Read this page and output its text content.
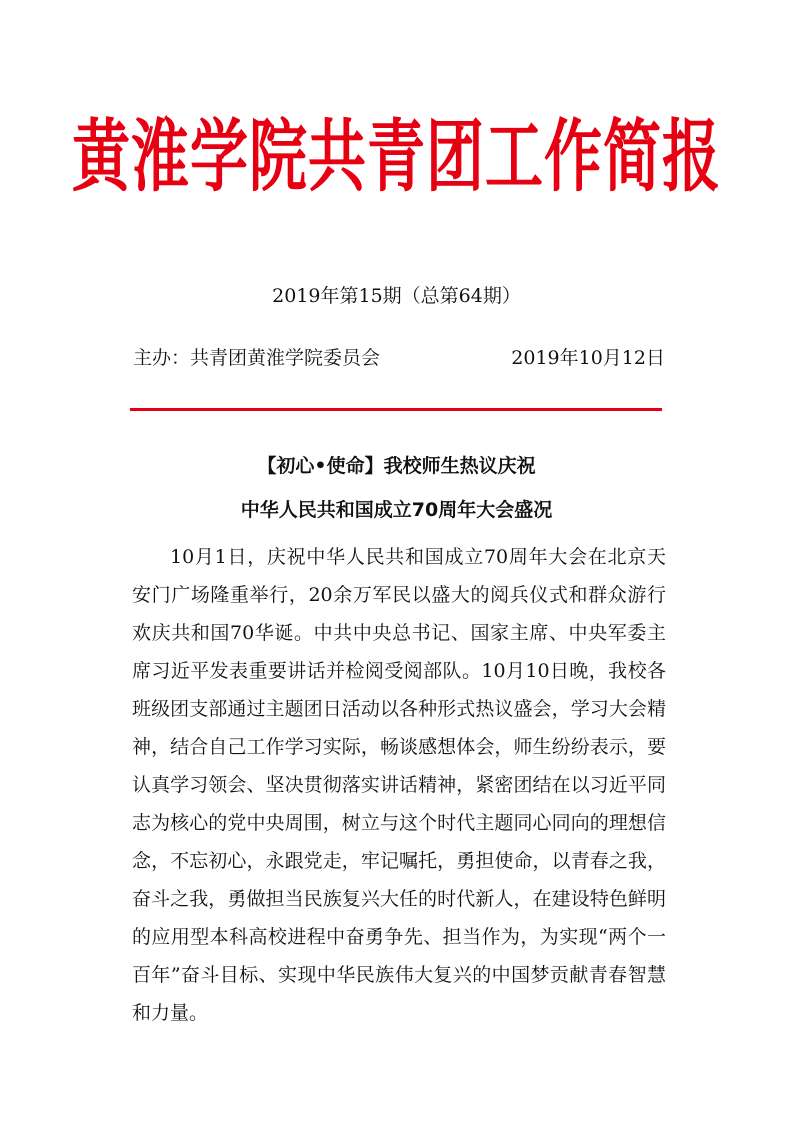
黄淮学院共青团工作简报
2019年第15期（总第64期）
主办：共青团黄淮学院委员会	2019年10月12日
【初心•使命】我校师生热议庆祝
中华人民共和国成立70周年大会盛况

10月1日，庆祝中华人民共和国成立70周年大会在北京天安门广场隆重举行，20余万军民以盛大的阅兵仪式和群众游行欢庆共和国70华诞。中共中央总书记、国家主席、中央军委主席习近平发表重要讲话并检阅受阅部队。10月10日晚，我校各班级团支部通过主题团日活动以各种形式热议盛会，学习大会精神，结合自己工作学习实际，畅谈感想体会，师生纷纷表示，要认真学习领会、坚决贯彻落实讲话精神，紧密团结在以习近平同志为核心的党中央周围，树立与这个时代主题同心同向的理想信念，不忘初心，永跟党走，牢记嘱托，勇担使命，以青春之我，奋斗之我，勇做担当民族复兴大任的时代新人，在建设特色鲜明的应用型本科高校进程中奋勇争先、担当作为，为实现“两个一百年”奋斗目标、实现中华民族伟大复兴的中国梦贡献青春智慧和力量。
